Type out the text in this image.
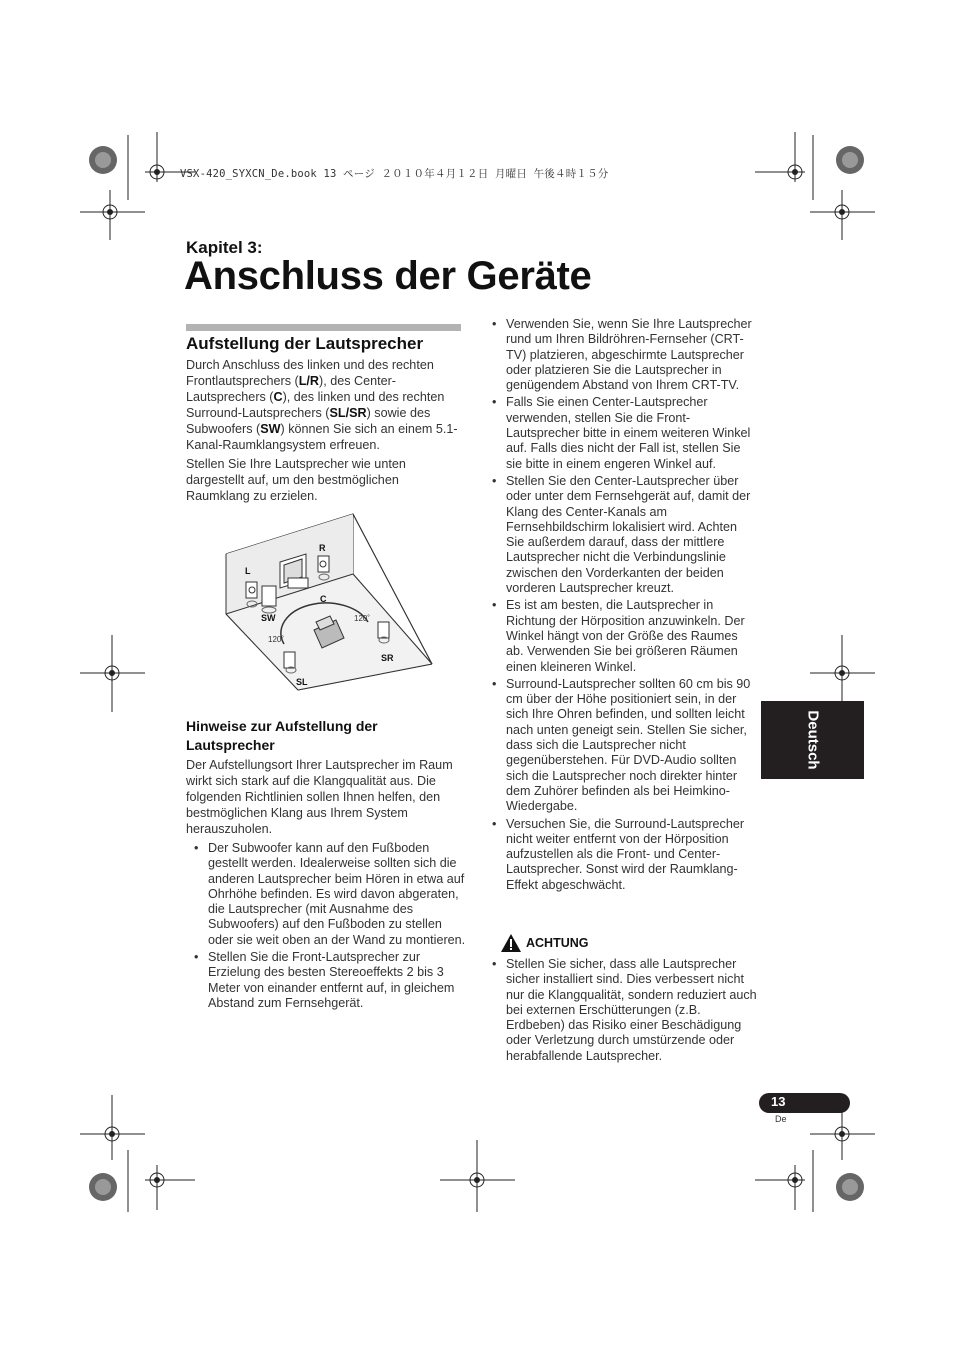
VSX-420_SYXCN_De.book 13 ページ ２０１０年４月１２日 月曜日 午後４時１５分
Kapitel 3:
Anschluss der Geräte
Aufstellung der Lautsprecher
Durch Anschluss des linken und des rechten Frontlautsprechers (L/R), des Center-Lautsprechers (C), des linken und des rechten Surround-Lautsprechers (SL/SR) sowie des Subwoofers (SW) können Sie sich an einem 5.1-Kanal-Raumklangsystem erfreuen.
Stellen Sie Ihre Lautsprecher wie unten dargestellt auf, um den bestmöglichen Raumklang zu erzielen.
L
R
C
SW
SL
SR
120˚
120˚
Hinweise zur Aufstellung der Lautsprecher
Der Aufstellungsort Ihrer Lautsprecher im Raum wirkt sich stark auf die Klangqualität aus. Die folgenden Richtlinien sollen Ihnen helfen, den bestmöglichen Klang aus Ihrem System herauszuholen.
• Der Subwoofer kann auf den Fußboden gestellt werden. Idealerweise sollten sich die anderen Lautsprecher beim Hören in etwa auf Ohrhöhe befinden. Es wird davon abgeraten, die Lautsprecher (mit Ausnahme des Subwoofers) auf den Fußboden zu stellen oder sie weit oben an der Wand zu montieren.
• Stellen Sie die Front-Lautsprecher zur Erzielung des besten Stereoeffekts 2 bis 3 Meter von einander entfernt auf, in gleichem Abstand zum Fernsehgerät.
• Verwenden Sie, wenn Sie Ihre Lautsprecher rund um Ihren Bildröhren-Fernseher (CRT-TV) platzieren, abgeschirmte Lautsprecher oder platzieren Sie die Lautsprecher in genügendem Abstand von Ihrem CRT-TV.
• Falls Sie einen Center-Lautsprecher verwenden, stellen Sie die Front-Lautsprecher bitte in einem weiteren Winkel auf. Falls dies nicht der Fall ist, stellen Sie sie bitte in einem engeren Winkel auf.
• Stellen Sie den Center-Lautsprecher über oder unter dem Fernsehgerät auf, damit der Klang des Center-Kanals am Fernsehbildschirm lokalisiert wird. Achten Sie außerdem darauf, dass der mittlere Lautsprecher nicht die Verbindungslinie zwischen den Vorderkanten der beiden vorderen Lautsprecher kreuzt.
• Es ist am besten, die Lautsprecher in Richtung der Hörposition anzuwinkeln. Der Winkel hängt von der Größe des Raumes ab. Verwenden Sie bei größeren Räumen einen kleineren Winkel.
• Surround-Lautsprecher sollten 60 cm bis 90 cm über der Höhe positioniert sein, in der sich Ihre Ohren befinden, und sollten leicht nach unten geneigt sein. Stellen Sie sicher, dass sich die Lautsprecher nicht gegenüberstehen. Für DVD-Audio sollten sich die Lautsprecher noch direkter hinter dem Zuhörer befinden als bei Heimkino-Wiedergabe.
• Versuchen Sie, die Surround-Lautsprecher nicht weiter entfernt von der Hörposition aufzustellen als die Front- und Center-Lautsprecher. Sonst wird der Raumklang-Effekt abgeschwächt.
ACHTUNG
• Stellen Sie sicher, dass alle Lautsprecher sicher installiert sind. Dies verbessert nicht nur die Klangqualität, sondern reduziert auch bei externen Erschütterungen (z.B. Erdbeben) das Risiko einer Beschädigung oder Verletzung durch umstürzende oder herabfallende Lautsprecher.
Deutsch
13
De
